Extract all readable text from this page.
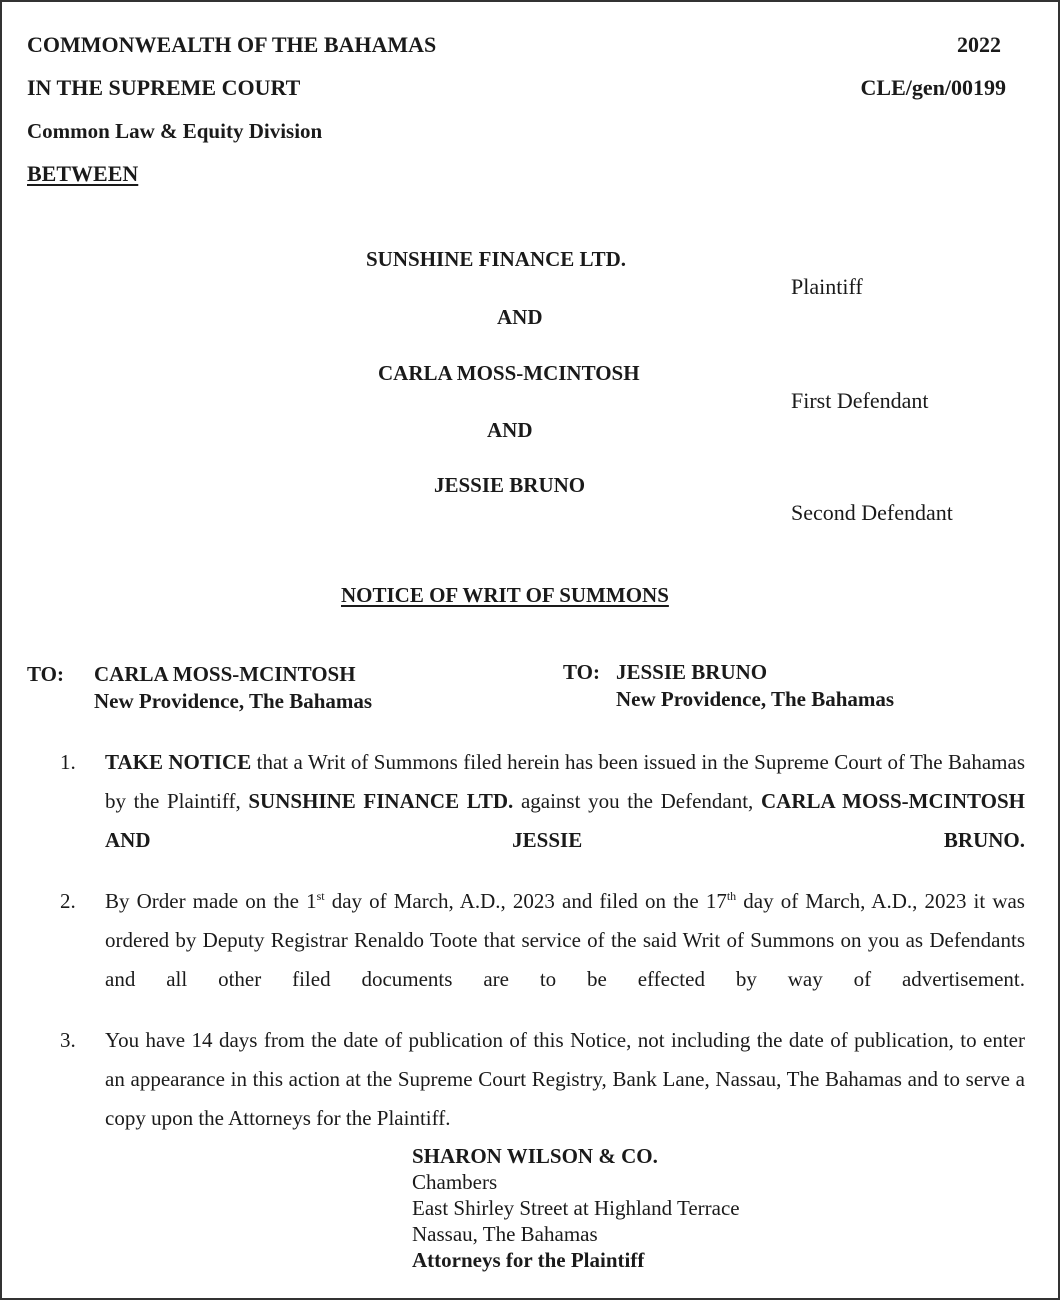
COMMONWEALTH OF THE BAHAMAS
IN THE SUPREME COURT
Common Law & Equity Division
BETWEEN
2022
CLE/gen/00199
SUNSHINE FINANCE LTD.
Plaintiff
AND
CARLA MOSS-MCINTOSH
First Defendant
AND
JESSIE BRUNO
Second Defendant
NOTICE OF WRIT OF SUMMONS
TO: CARLA MOSS-MCINTOSH
New Providence, The Bahamas
TO: JESSIE BRUNO
New Providence, The Bahamas
1.	TAKE NOTICE that a Writ of Summons filed herein has been issued in the Supreme Court of The Bahamas by the Plaintiff, SUNSHINE FINANCE LTD. against you the Defendant, CARLA MOSS-MCINTOSH AND JESSIE BRUNO.
2.	By Order made on the 1st day of March, A.D., 2023 and filed on the 17th day of March, A.D., 2023 it was ordered by Deputy Registrar Renaldo Toote that service of the said Writ of Summons on you as Defendants and all other filed documents are to be effected by way of advertisement.
3.	You have 14 days from the date of publication of this Notice, not including the date of publication, to enter an appearance in this action at the Supreme Court Registry, Bank Lane, Nassau, The Bahamas and to serve a copy upon the Attorneys for the Plaintiff.
SHARON WILSON & CO.
Chambers
East Shirley Street at Highland Terrace
Nassau, The Bahamas
Attorneys for the Plaintiff
